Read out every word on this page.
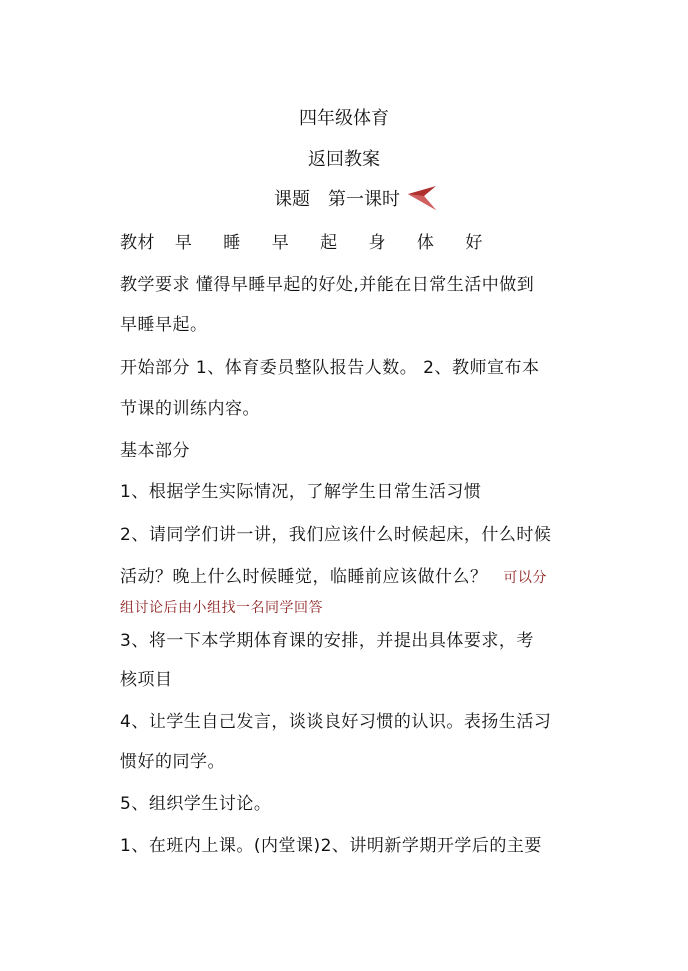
四年级体育
返回教案
课题　第一课时
教材 早 睡 早 起 身 体 好
教学要求 懂得早睡早起的好处,并能在日常生活中做到
早睡早起。
开始部分 1、体育委员整队报告人数。 2、教师宣布本
节课的训练内容。
基本部分
1、根据学生实际情况，了解学生日常生活习惯
2、请同学们讲一讲，我们应该什么时候起床，什么时候
活动？晚上什么时候睡觉，临睡前应该做什么？ 可以分
组讨论后由小组找一名同学回答
3、将一下本学期体育课的安排，并提出具体要求，考
核项目
4、让学生自己发言，谈谈良好习惯的认识。表扬生活习
惯好的同学。
5、组织学生讨论。
1、在班内上课。(内堂课)2、讲明新学期开学后的主要
